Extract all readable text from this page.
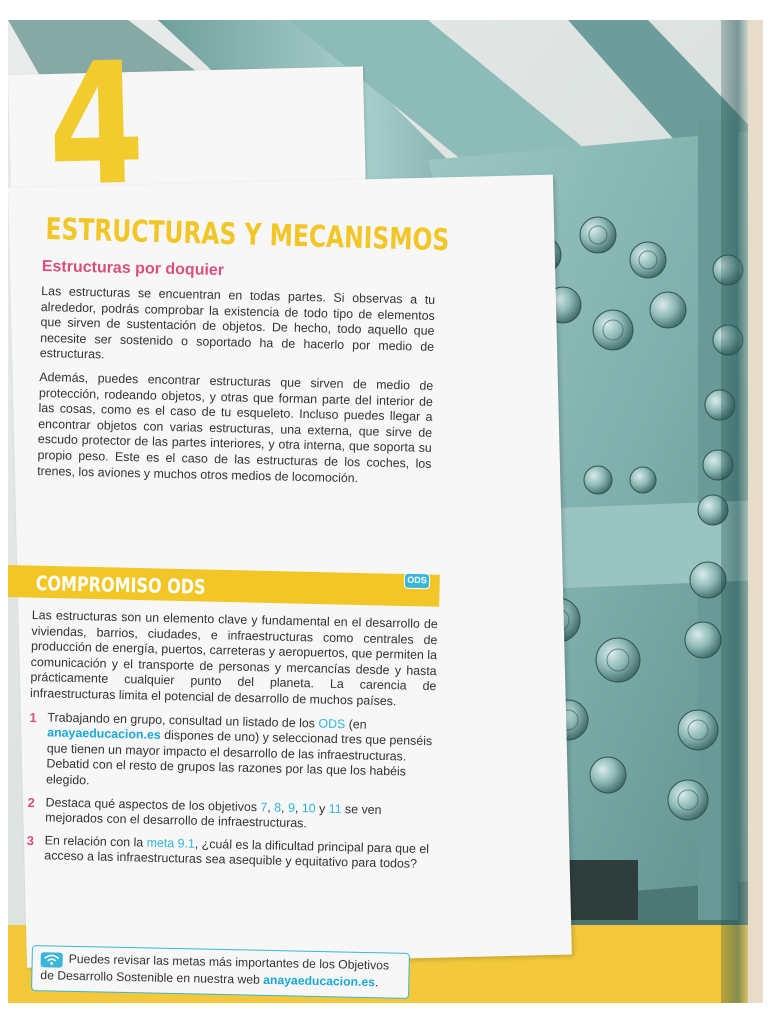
4
ESTRUCTURAS Y MECANISMOS
Estructuras por doquier

Las estructuras se encuentran en todas partes. Si observas a tu alrededor, podrás comprobar la existencia de todo tipo de elementos que sirven de sustentación de objetos. De hecho, todo aquello que necesite ser sostenido o soportado ha de hacerlo por medio de estructuras.

Además, puedes encontrar estructuras que sirven de medio de protección, rodeando objetos, y otras que forman parte del interior de las cosas, como es el caso de tu esqueleto. Incluso puedes llegar a encontrar objetos con varias estructuras, una externa, que sirve de escudo protector de las partes interiores, y otra interna, que soporta su propio peso. Este es el caso de las estructuras de los coches, los trenes, los aviones y muchos otros medios de locomoción.

COMPROMISO ODS	ODS

Las estructuras son un elemento clave y fundamental en el desarrollo de viviendas, barrios, ciudades, e infraestructuras como centrales de producción de energía, puertos, carreteras y aeropuertos, que permiten la comunicación y el transporte de personas y mercancías desde y hasta prácticamente cualquier punto del planeta. La carencia de infraestructuras limita el potencial de desarrollo de muchos países.

1 Trabajando en grupo, consultad un listado de los ODS (en anayaeducacion.es dispones de uno) y seleccionad tres que penséis que tienen un mayor impacto el desarrollo de las infraestructuras. Debatid con el resto de grupos las razones por las que los habéis elegido.

2 Destaca qué aspectos de los objetivos 7, 8, 9, 10 y 11 se ven mejorados con el desarrollo de infraestructuras.

3 En relación con la meta 9.1, ¿cuál es la dificultad principal para que el acceso a las infraestructuras sea asequible y equitativo para todos?

Puedes revisar las metas más importantes de los Objetivos de Desarrollo Sostenible en nuestra web anayaeducacion.es.
